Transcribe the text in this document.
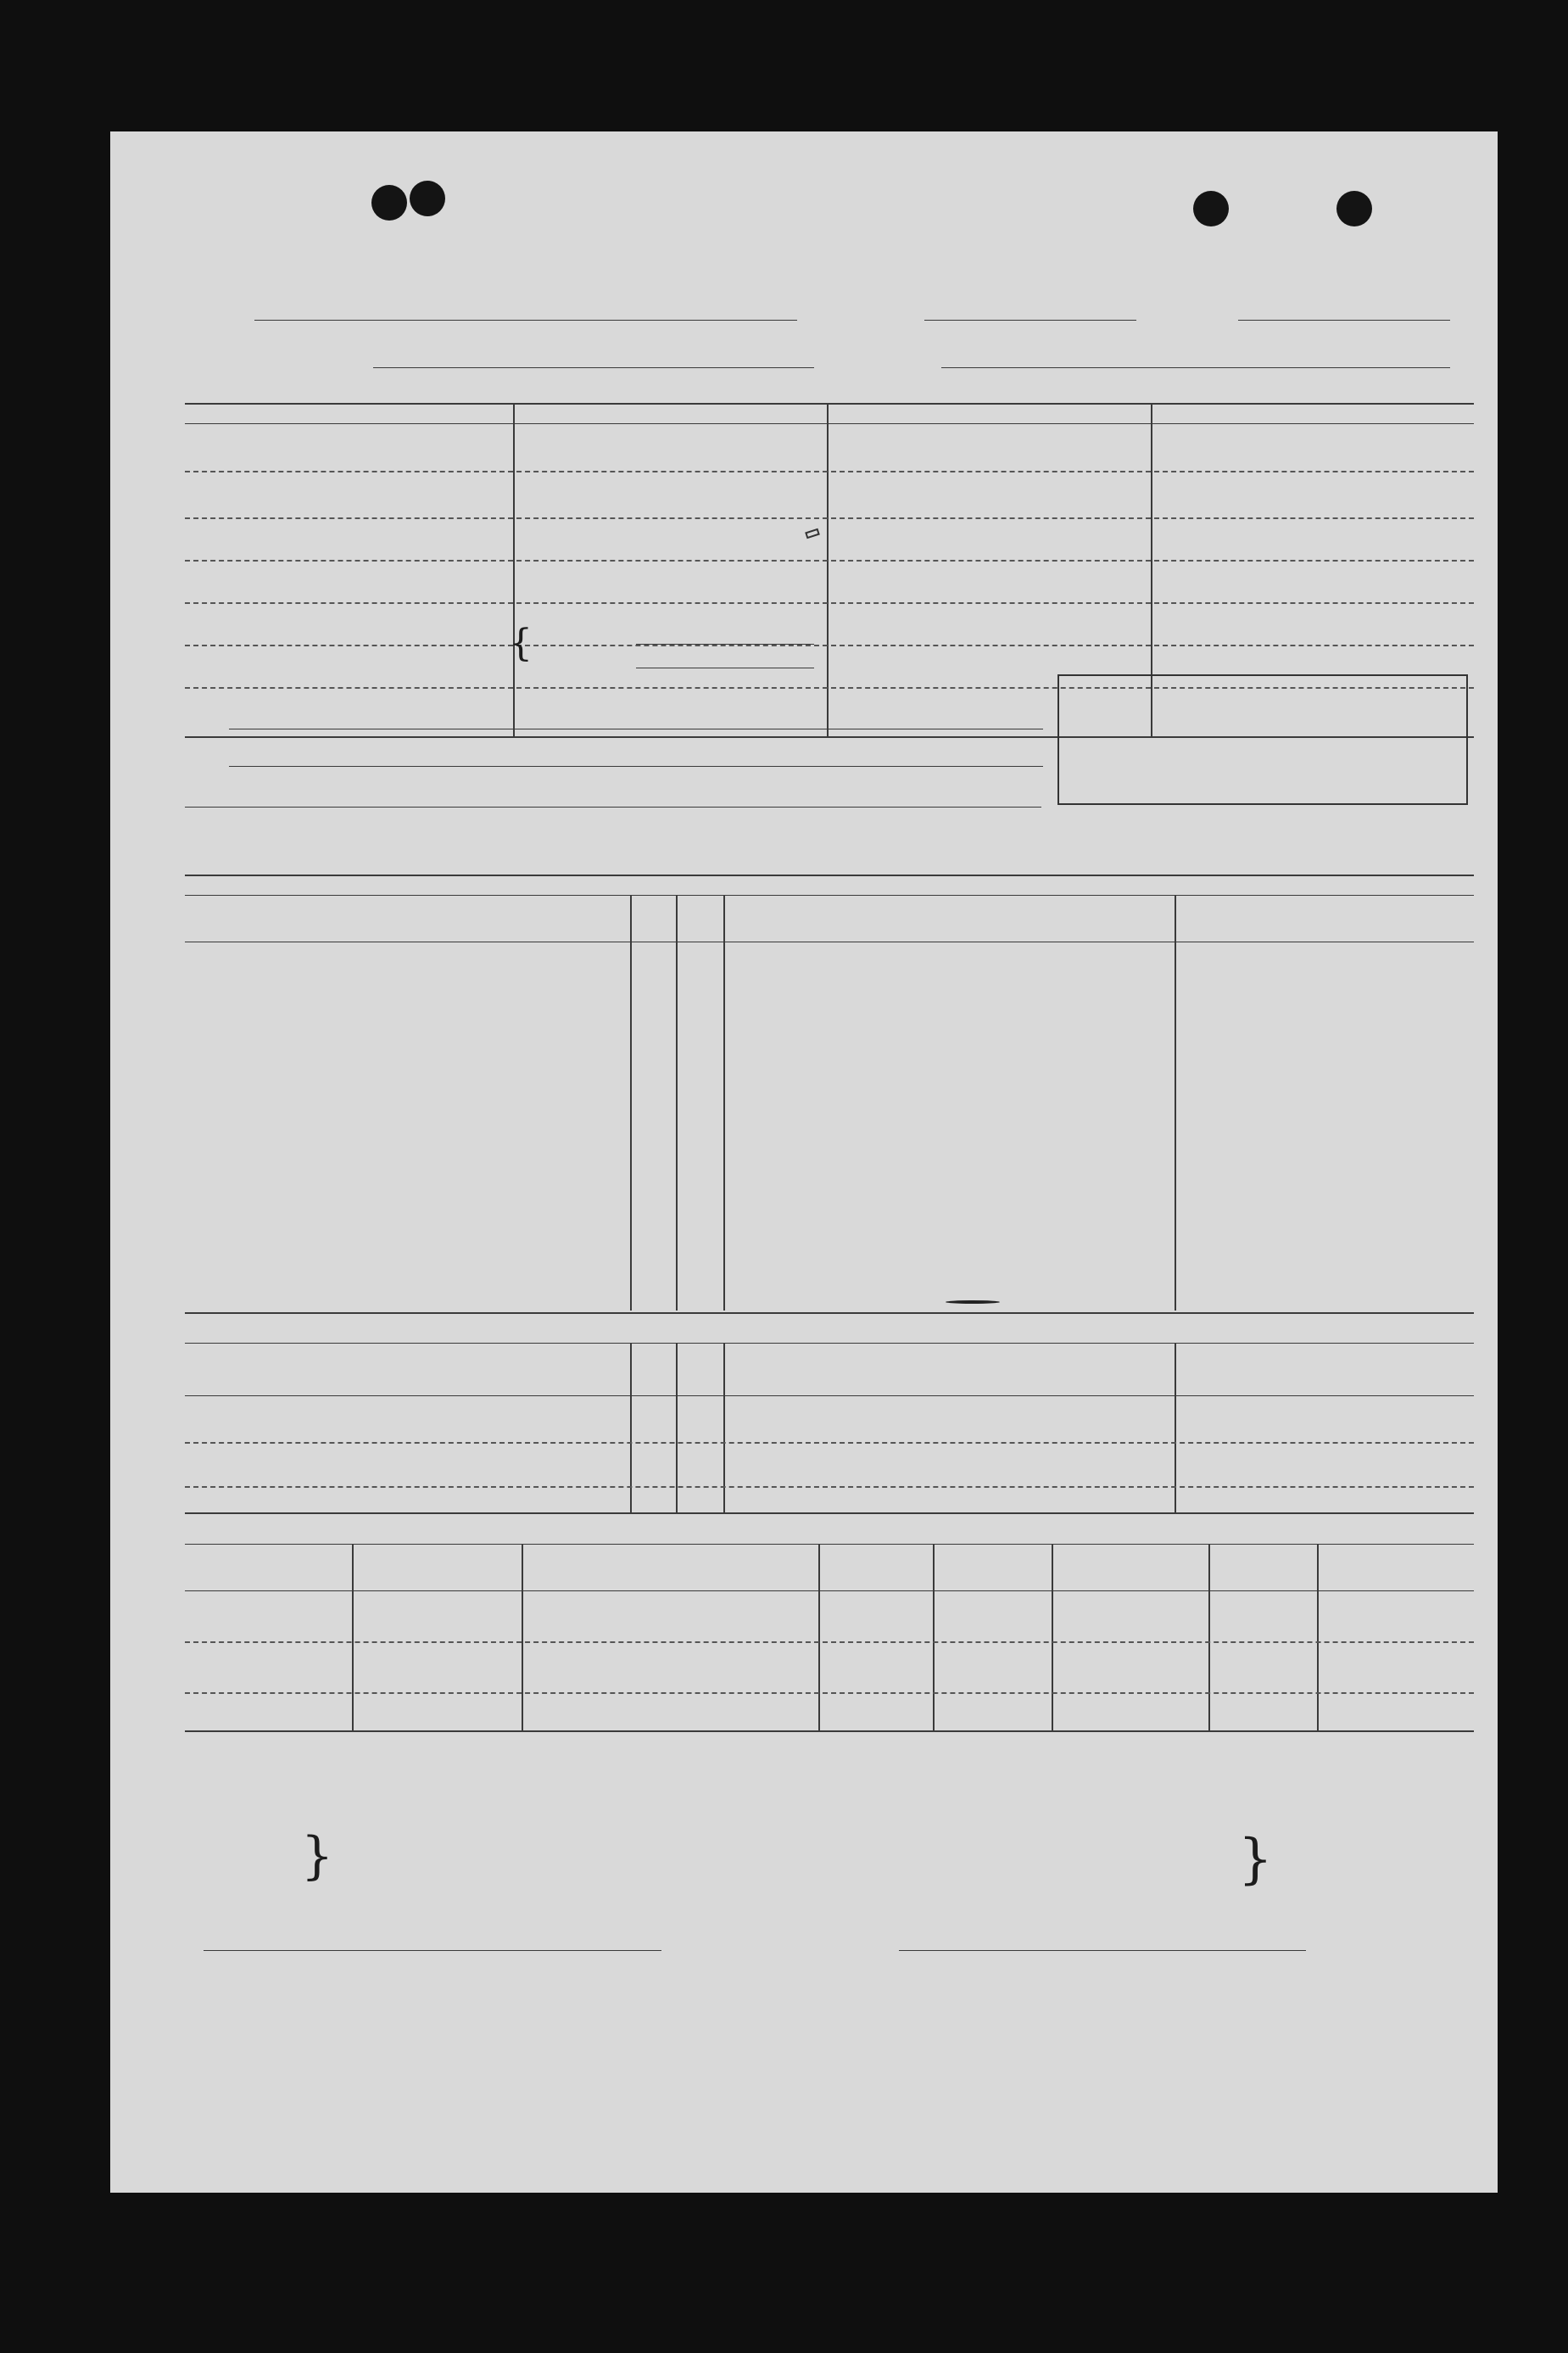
{
}	}
